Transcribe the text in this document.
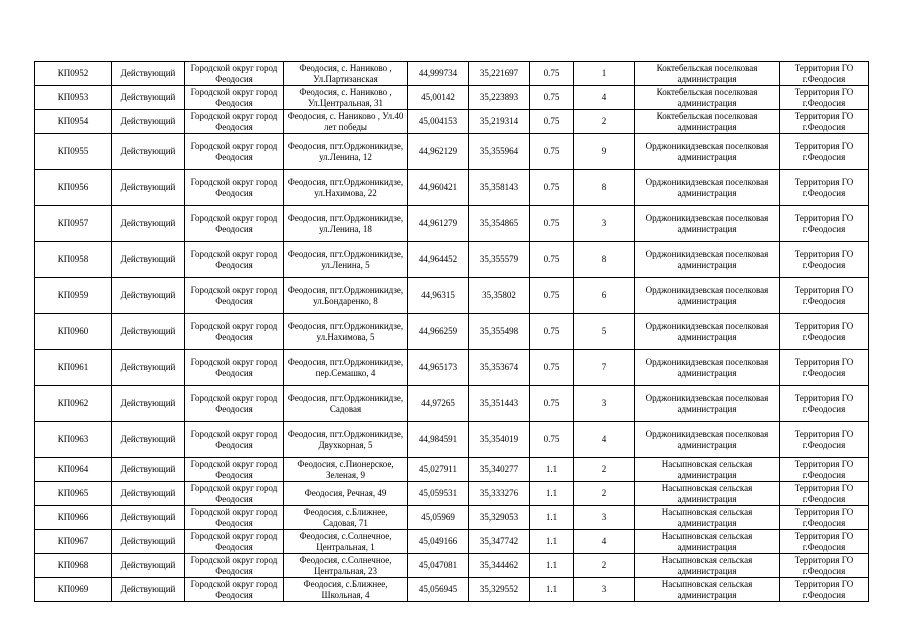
КП0952	Действующий	Городской округ город Феодосия	Феодосия, с. Наниково , Ул.Партизанская	44,999734	35,221697	0.75	1	Коктебельская поселковая администрация	Территория ГО г.Феодосия
КП0953	Действующий	Городской округ город Феодосия	Феодосия, с. Наниково , Ул.Центральная, 31	45,00142	35,223893	0.75	4	Коктебельская поселковая администрация	Территория ГО г.Феодосия
КП0954	Действующий	Городской округ город Феодосия	Феодосия, с. Наниково , Ул.40 лет победы	45,004153	35,219314	0.75	2	Коктебельская поселковая администрация	Территория ГО г.Феодосия
КП0955	Действующий	Городской округ город Феодосия	Феодосия, пгт.Орджоникидзе, ул.Ленина, 12	44,962129	35,355964	0.75	9	Орджоникидзевская поселковая администрация	Территория ГО г.Феодосия
КП0956	Действующий	Городской округ город Феодосия	Феодосия, пгт.Орджоникидзе, ул.Нахимова, 22	44,960421	35,358143	0.75	8	Орджоникидзевская поселковая администрация	Территория ГО г.Феодосия
КП0957	Действующий	Городской округ город Феодосия	Феодосия, пгт.Орджоникидзе, ул.Ленина, 18	44,961279	35,354865	0.75	3	Орджоникидзевская поселковая администрация	Территория ГО г.Феодосия
КП0958	Действующий	Городской округ город Феодосия	Феодосия, пгт.Орджоникидзе, ул.Ленина, 5	44,964452	35,355579	0.75	8	Орджоникидзевская поселковая администрация	Территория ГО г.Феодосия
КП0959	Действующий	Городской округ город Феодосия	Феодосия, пгт.Орджоникидзе, ул.Бондаренко, 8	44,96315	35,35802	0.75	6	Орджоникидзевская поселковая администрация	Территория ГО г.Феодосия
КП0960	Действующий	Городской округ город Феодосия	Феодосия, пгт.Орджоникидзе, ул.Нахимова, 5	44,966259	35,355498	0.75	5	Орджоникидзевская поселковая администрация	Территория ГО г.Феодосия
КП0961	Действующий	Городской округ город Феодосия	Феодосия, пгт.Орджоникидзе, пер.Семашко, 4	44,965173	35,353674	0.75	7	Орджоникидзевская поселковая администрация	Территория ГО г.Феодосия
КП0962	Действующий	Городской округ город Феодосия	Феодосия, пгт.Орджоникидзе, Садовая	44,97265	35,351443	0.75	3	Орджоникидзевская поселковая администрация	Территория ГО г.Феодосия
КП0963	Действующий	Городской округ город Феодосия	Феодосия, пгт.Орджоникидзе, Двухкорная, 5	44,984591	35,354019	0.75	4	Орджоникидзевская поселковая администрация	Территория ГО г.Феодосия
КП0964	Действующий	Городской округ город Феодосия	Феодосия, с.Пионерское, Зеленая, 9	45,027911	35,340277	1.1	2	Насыпновская сельская администрация	Территория ГО г.Феодосия
КП0965	Действующий	Городской округ город Феодосия	Феодосия, Речная, 49	45,059531	35,333276	1.1	2	Насыпновская сельская администрация	Территория ГО г.Феодосия
КП0966	Действующий	Городской округ город Феодосия	Феодосия, с.Ближнее, Садовая, 71	45,05969	35,329053	1.1	3	Насыпновская сельская администрация	Территория ГО г.Феодосия
КП0967	Действующий	Городской округ город Феодосия	Феодосия, с.Солнечное, Центральная, 1	45,049166	35,347742	1.1	4	Насыпновская сельская администрация	Территория ГО г.Феодосия
КП0968	Действующий	Городской округ город Феодосия	Феодосия, с.Солнечное, Центральная, 23	45,047081	35,344462	1.1	2	Насыпновская сельская администрация	Территория ГО г.Феодосия
КП0969	Действующий	Городской округ город Феодосия	Феодосия, с.Ближнее, Школьная, 4	45,056945	35,329552	1.1	3	Насыпновская сельская администрация	Территория ГО г.Феодосия
